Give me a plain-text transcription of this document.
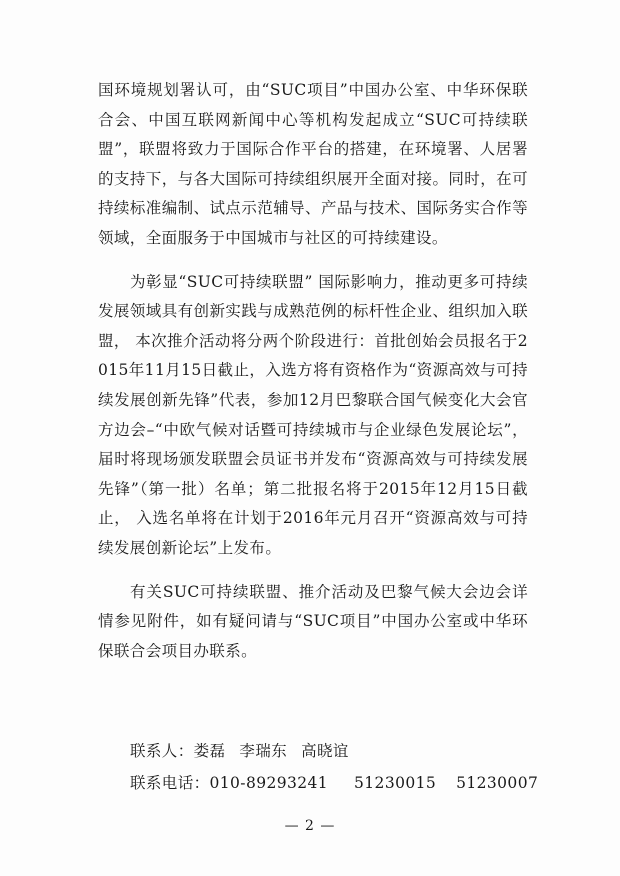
国环境规划署认可，由“SUC项目”中国办公室、中华环保联合会、中国互联网新闻中心等机构发起成立“SUC可持续联盟”，联盟将致力于国际合作平台的搭建，在环境署、人居署的支持下，与各大国际可持续组织展开全面对接。同时，在可持续标准编制、试点示范辅导、产品与技术、国际务实合作等领域，全面服务于中国城市与社区的可持续建设。

为彰显“SUC可持续联盟” 国际影响力，推动更多可持续发展领域具有创新实践与成熟范例的标杆性企业、组织加入联盟， 本次推介活动将分两个阶段进行：首批创始会员报名于2015年11月15日截止，入选方将有资格作为“资源高效与可持续发展创新先锋”代表，参加12月巴黎联合国气候变化大会官方边会–“中欧气候对话暨可持续城市与企业绿色发展论坛”，届时将现场颁发联盟会员证书并发布“资源高效与可持续发展先锋”（第一批）名单；第二批报名将于2015年12月15日截止， 入选名单将在计划于2016年元月召开“资源高效与可持续发展创新论坛”上发布。

有关SUC可持续联盟、推介活动及巴黎气候大会边会详情参见附件，如有疑问请与“SUC项目”中国办公室或中华环保联合会项目办联系。

联系人：娄磊 李瑞东 高晓谊
联系电话：010-89293241 51230015 51230007
— 2 —
